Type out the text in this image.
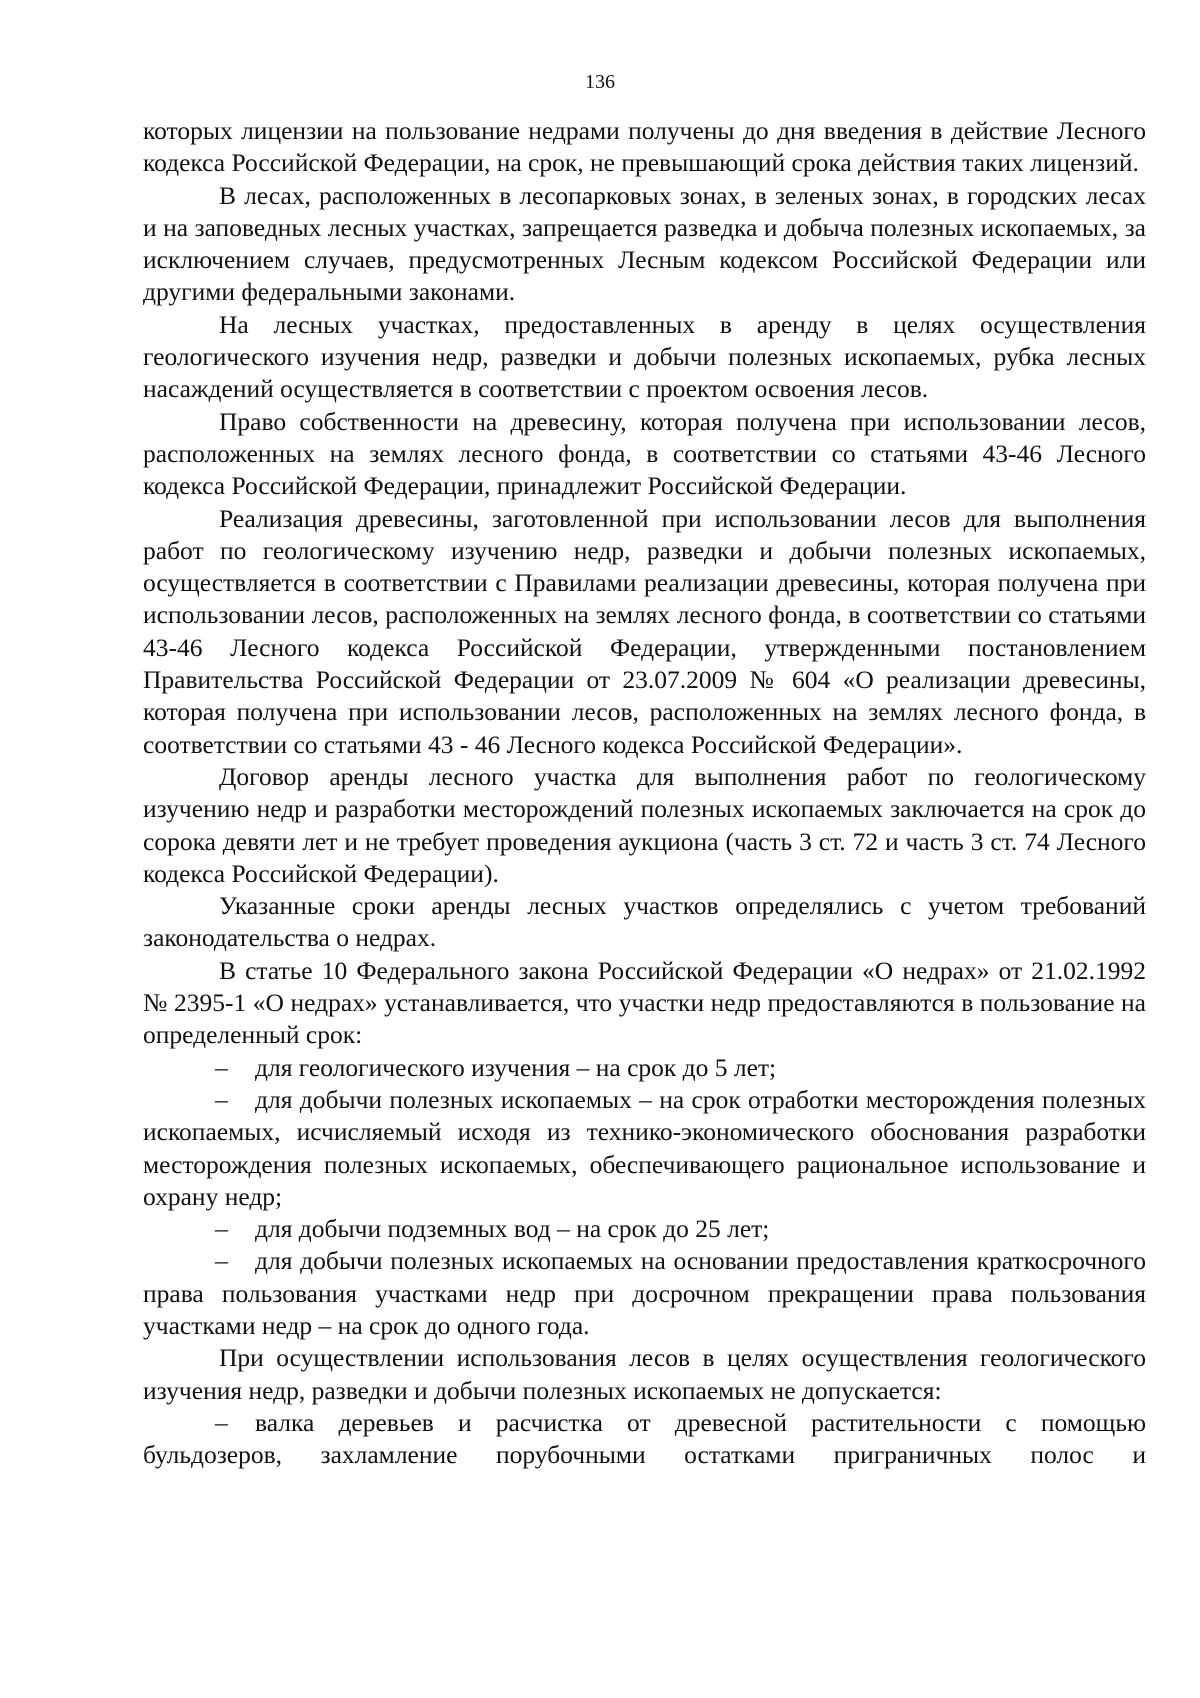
136

которых лицензии на пользование недрами получены до дня введения в действие Лесного кодекса Российской Федерации, на срок, не превышающий срока действия таких лицензий.

В лесах, расположенных в лесопарковых зонах, в зеленых зонах, в городских лесах и на заповедных лесных участках, запрещается разведка и добыча полезных ископаемых, за исключением случаев, предусмотренных Лесным кодексом Российской Федерации или другими федеральными законами.

На лесных участках, предоставленных в аренду в целях осуществления геологического изучения недр, разведки и добычи полезных ископаемых, рубка лесных насаждений осуществляется в соответствии с проектом освоения лесов.

Право собственности на древесину, которая получена при использовании лесов, расположенных на землях лесного фонда, в соответствии со статьями 43-46 Лесного кодекса Российской Федерации, принадлежит Российской Федерации.

Реализация древесины, заготовленной при использовании лесов для выполнения работ по геологическому изучению недр, разведки и добычи полезных ископаемых, осуществляется в соответствии с Правилами реализации древесины, которая получена при использовании лесов, расположенных на землях лесного фонда, в соответствии со статьями 43-46 Лесного кодекса Российской Федерации, утвержденными постановлением Правительства Российской Федерации от 23.07.2009 № 604 «О реализации древесины, которая получена при использовании лесов, расположенных на землях лесного фонда, в соответствии со статьями 43 - 46 Лесного кодекса Российской Федерации».

Договор аренды лесного участка для выполнения работ по геологическому изучению недр и разработки месторождений полезных ископаемых заключается на срок до сорока девяти лет и не требует проведения аукциона (часть 3 ст. 72 и часть 3 ст. 74 Лесного кодекса Российской Федерации).

Указанные сроки аренды лесных участков определялись с учетом требований законодательства о недрах.

В статье 10 Федерального закона Российской Федерации «О недрах» от 21.02.1992 № 2395-1 «О недрах» устанавливается, что участки недр предоставляются в пользование на определенный срок:

– для геологического изучения – на срок до 5 лет;

– для добычи полезных ископаемых – на срок отработки месторождения полезных ископаемых, исчисляемый исходя из технико-экономического обоснования разработки месторождения полезных ископаемых, обеспечивающего рациональное использование и охрану недр;

– для добычи подземных вод – на срок до 25 лет;

– для добычи полезных ископаемых на основании предоставления краткосрочного права пользования участками недр при досрочном прекращении права пользования участками недр – на срок до одного года.

При осуществлении использования лесов в целях осуществления геологического изучения недр, разведки и добычи полезных ископаемых не допускается:

– валка деревьев и расчистка от древесной растительности с помощью бульдозеров, захламление порубочными остатками приграничных полос и
